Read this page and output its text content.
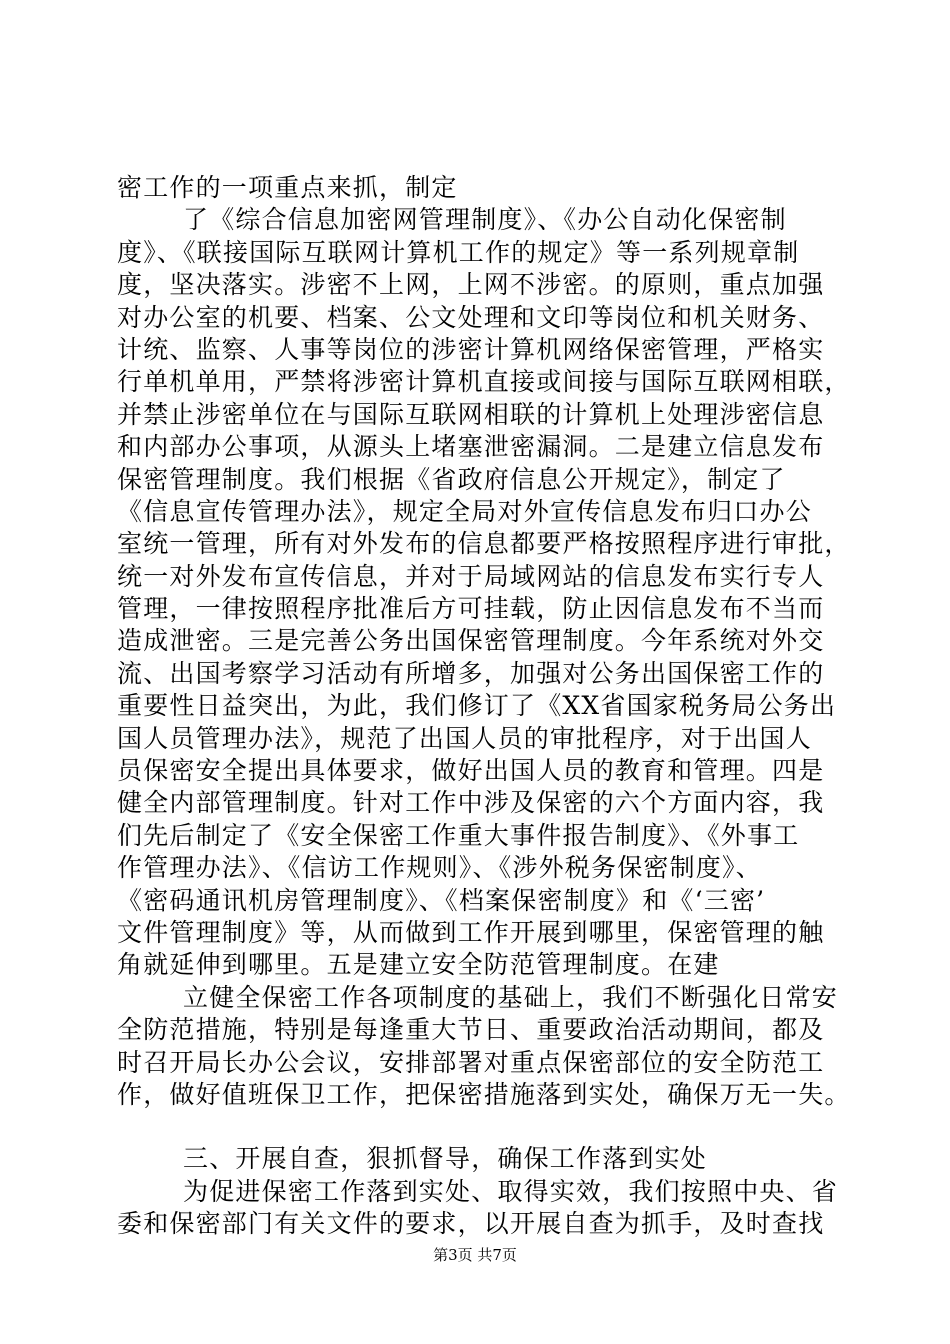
密工作的一项重点来抓，制定
了《综合信息加密网管理制度》、《办公自动化保密制
度》、《联接国际互联网计算机工作的规定》等一系列规章制
度，坚决落实。涉密不上网，上网不涉密。的原则，重点加强
对办公室的机要、档案、公文处理和文印等岗位和机关财务、
计统、监察、人事等岗位的涉密计算机网络保密管理，严格实
行单机单用，严禁将涉密计算机直接或间接与国际互联网相联，
并禁止涉密单位在与国际互联网相联的计算机上处理涉密信息
和内部办公事项，从源头上堵塞泄密漏洞。二是建立信息发布
保密管理制度。我们根据《省政府信息公开规定》，制定了
《信息宣传管理办法》，规定全局对外宣传信息发布归口办公
室统一管理，所有对外发布的信息都要严格按照程序进行审批，
统一对外发布宣传信息，并对于局域网站的信息发布实行专人
管理，一律按照程序批准后方可挂载，防止因信息发布不当而
造成泄密。三是完善公务出国保密管理制度。今年系统对外交
流、出国考察学习活动有所增多，加强对公务出国保密工作的
重要性日益突出，为此，我们修订了《XX省国家税务局公务出
国人员管理办法》，规范了出国人员的审批程序，对于出国人
员保密安全提出具体要求，做好出国人员的教育和管理。四是
健全内部管理制度。针对工作中涉及保密的六个方面内容，我
们先后制定了《安全保密工作重大事件报告制度》、《外事工
作管理办法》、《信访工作规则》、《涉外税务保密制度》、
《密码通讯机房管理制度》、《档案保密制度》和《‘三密’
文件管理制度》等，从而做到工作开展到哪里，保密管理的触
角就延伸到哪里。五是建立安全防范管理制度。在建
立健全保密工作各项制度的基础上，我们不断强化日常安
全防范措施，特别是每逢重大节日、重要政治活动期间，都及
时召开局长办公会议，安排部署对重点保密部位的安全防范工
作，做好值班保卫工作，把保密措施落到实处，确保万无一失。
三、开展自查，狠抓督导，确保工作落到实处
为促进保密工作落到实处、取得实效，我们按照中央、省
委和保密部门有关文件的要求，以开展自查为抓手，及时查找
第3页 共7页
